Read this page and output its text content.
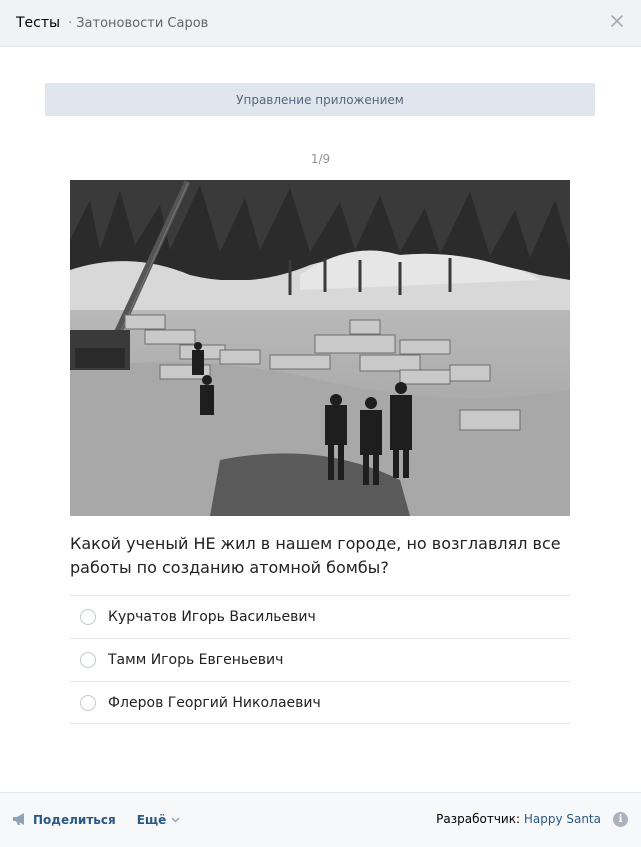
Тесты · Затоновости Саров
Управление приложением
1/9
Какой ученый НЕ жил в нашем городе, но возглавлял все работы по созданию атомной бомбы?
Курчатов Игорь Васильевич
Тамм Игорь Евгеньевич
Флеров Георгий Николаевич
Поделиться Ещё	Разработчик: Happy Santa	i
